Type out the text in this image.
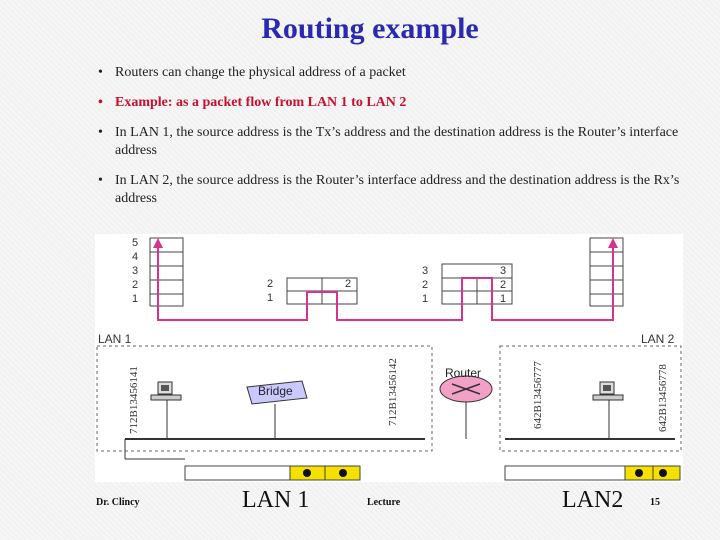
Routing example
• Routers can change the physical address of a packet
• Example: as a packet flow from LAN 1 to LAN 2
• In LAN 1, the source address is the Tx’s address and the destination address is the Router’s interface address
• In LAN 2, the source address is the Router’s interface address and the destination address is the Rx’s address
LAN 1	LAN 2
5
4
3
2
1
2
1
2
3
2
1
3
2
1
712B13456141	712B13456142	642B13456777	642B13456778
Bridge
Router
Dr. Clincy	LAN 1	Lecture	LAN2	15
